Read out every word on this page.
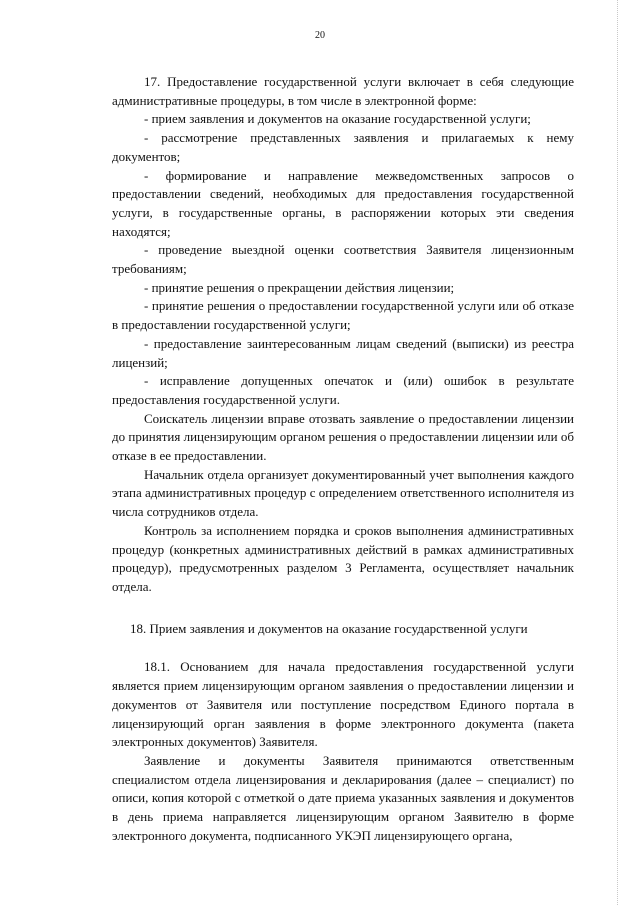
20

17. Предоставление государственной услуги включает в себя следующие административные процедуры, в том числе в электронной форме:

- прием заявления и документов на оказание государственной услуги;

- рассмотрение представленных заявления и прилагаемых к нему документов;

- формирование и направление межведомственных запросов о предоставлении сведений, необходимых для предоставления государственной услуги, в государственные органы, в распоряжении которых эти сведения находятся;

- проведение выездной оценки соответствия Заявителя лицензионным требованиям;

- принятие решения о прекращении действия лицензии;

- принятие решения о предоставлении государственной услуги или об отказе в предоставлении государственной услуги;

- предоставление заинтересованным лицам сведений (выписки) из реестра лицензий;

- исправление допущенных опечаток и (или) ошибок в результате предоставления государственной услуги.

Соискатель лицензии вправе отозвать заявление о предоставлении лицензии до принятия лицензирующим органом решения о предоставлении лицензии или об отказе в ее предоставлении.

Начальник отдела организует документированный учет выполнения каждого этапа административных процедур с определением ответственного исполнителя из числа сотрудников отдела.

Контроль за исполнением порядка и сроков выполнения административных процедур (конкретных административных действий в рамках административных процедур), предусмотренных разделом 3 Регламента, осуществляет начальник отдела.

18. Прием заявления и документов на оказание государственной услуги

18.1. Основанием для начала предоставления государственной услуги является прием лицензирующим органом заявления о предоставлении лицензии и документов от Заявителя или поступление посредством Единого портала в лицензирующий орган заявления в форме электронного документа (пакета электронных документов) Заявителя.

Заявление и документы Заявителя принимаются ответственным специалистом отдела лицензирования и декларирования (далее – специалист) по описи, копия которой с отметкой о дате приема указанных заявления и документов в день приема направляется лицензирующим органом Заявителю в форме электронного документа, подписанного УКЭП лицензирующего органа,
